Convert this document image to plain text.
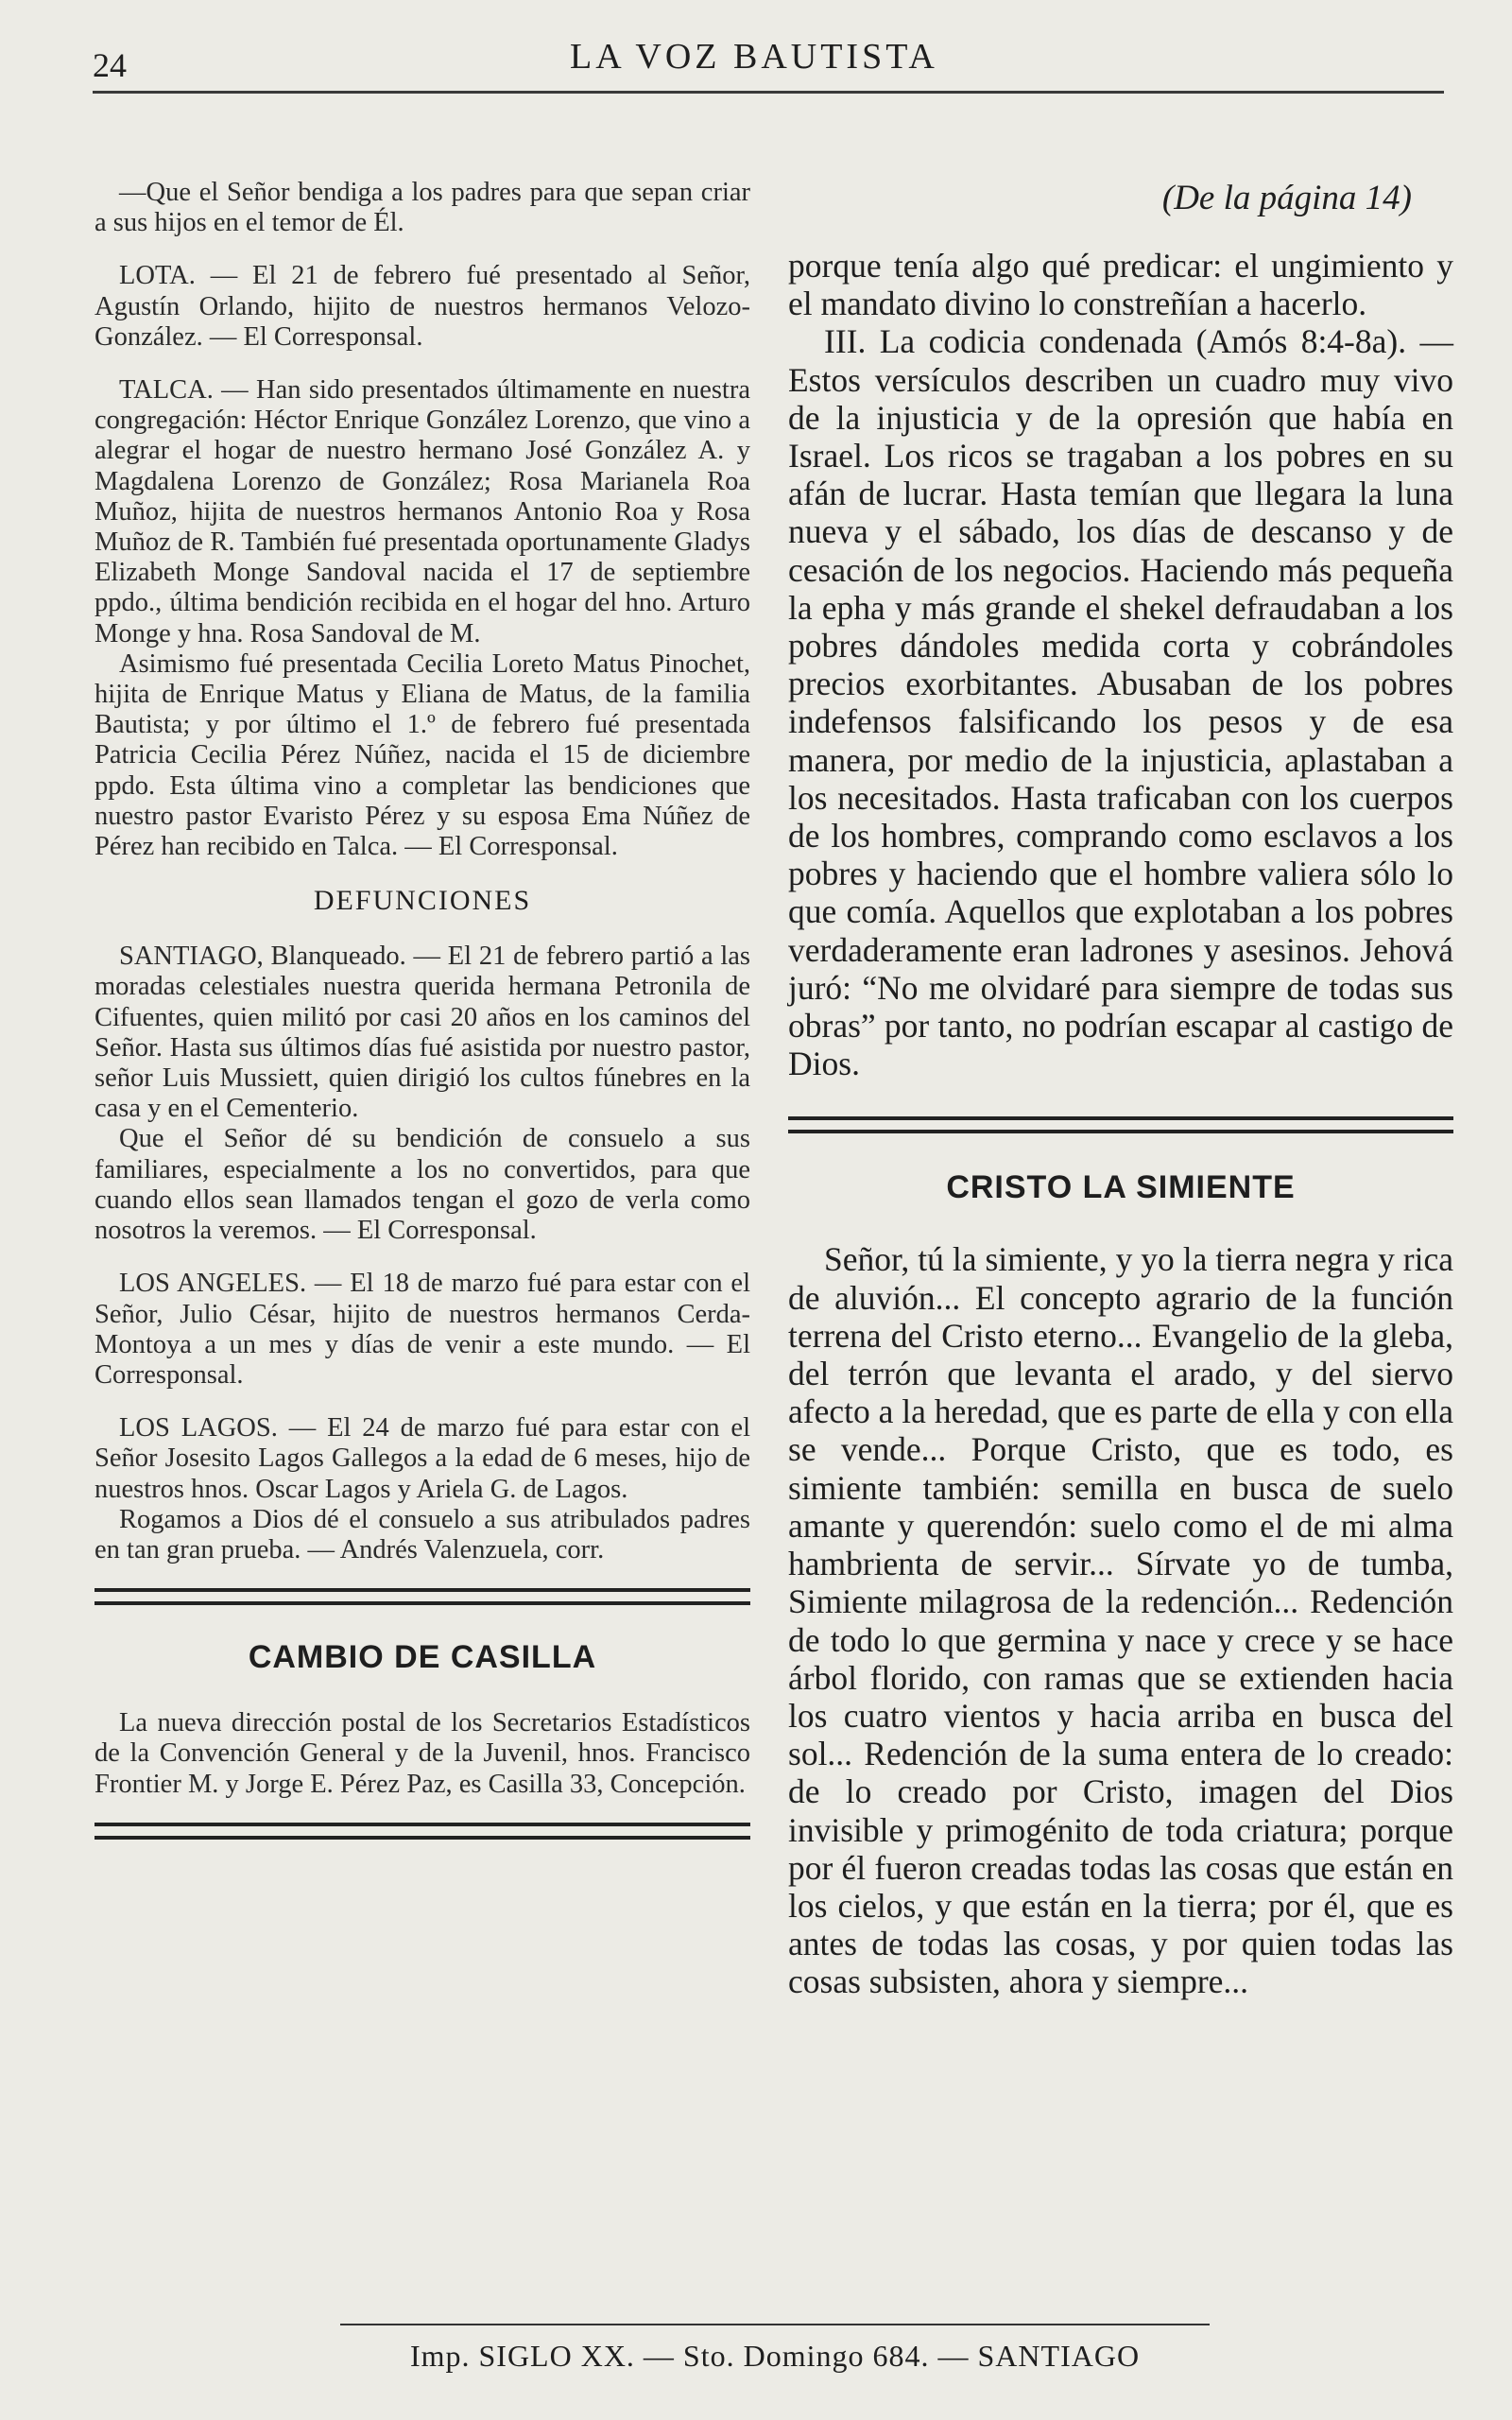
24	LA VOZ BAUTISTA

—Que el Señor bendiga a los padres para que sepan criar a sus hijos en el temor de Él.

LOTA. — El 21 de febrero fué presentado al Señor, Agustín Orlando, hijito de nuestros hermanos Velozo-González. — El Corresponsal.

TALCA. — Han sido presentados últimamente en nuestra congregación: Héctor Enrique González Lorenzo, que vino a alegrar el hogar de nuestro hermano José González A. y Magdalena Lorenzo de González; Rosa Marianela Roa Muñoz, hijita de nuestros hermanos Antonio Roa y Rosa Muñoz de R. También fué presentada oportunamente Gladys Elizabeth Monge Sandoval nacida el 17 de septiembre ppdo., última bendición recibida en el hogar del hno. Arturo Monge y hna. Rosa Sandoval de M.

Asimismo fué presentada Cecilia Loreto Matus Pinochet, hijita de Enrique Matus y Eliana de Matus, de la familia Bautista; y por último el 1.º de febrero fué presentada Patricia Cecilia Pérez Núñez, nacida el 15 de diciembre ppdo. Esta última vino a completar las bendiciones que nuestro pastor Evaristo Pérez y su esposa Ema Núñez de Pérez han recibido en Talca. — El Corresponsal.

DEFUNCIONES

SANTIAGO, Blanqueado. — El 21 de febrero partió a las moradas celestiales nuestra querida hermana Petronila de Cifuentes, quien militó por casi 20 años en los caminos del Señor. Hasta sus últimos días fué asistida por nuestro pastor, señor Luis Mussiett, quien dirigió los cultos fúnebres en la casa y en el Cementerio.

Que el Señor dé su bendición de consuelo a sus familiares, especialmente a los no convertidos, para que cuando ellos sean llamados tengan el gozo de verla como nosotros la veremos. — El Corresponsal.

LOS ANGELES. — El 18 de marzo fué para estar con el Señor, Julio César, hijito de nuestros hermanos Cerda-Montoya a un mes y días de venir a este mundo. — El Corresponsal.

LOS LAGOS. — El 24 de marzo fué para estar con el Señor Josesito Lagos Gallegos a la edad de 6 meses, hijo de nuestros hnos. Oscar Lagos y Ariela G. de Lagos.

Rogamos a Dios dé el consuelo a sus atribulados padres en tan gran prueba. — Andrés Valenzuela, corr.

CAMBIO DE CASILLA

La nueva dirección postal de los Secretarios Estadísticos de la Convención General y de la Juvenil, hnos. Francisco Frontier M. y Jorge E. Pérez Paz, es Casilla 33, Concepción.

(De la página 14)

porque tenía algo qué predicar: el ungimiento y el mandato divino lo constreñían a hacerlo.

III. La codicia condenada (Amós 8:4-8a). — Estos versículos describen un cuadro muy vivo de la injusticia y de la opresión que había en Israel. Los ricos se tragaban a los pobres en su afán de lucrar. Hasta temían que llegara la luna nueva y el sábado, los días de descanso y de cesación de los negocios. Haciendo más pequeña la epha y más grande el shekel defraudaban a los pobres dándoles medida corta y cobrándoles precios exorbitantes. Abusaban de los pobres indefensos falsificando los pesos y de esa manera, por medio de la injusticia, aplastaban a los necesitados. Hasta traficaban con los cuerpos de los hombres, comprando como esclavos a los pobres y haciendo que el hombre valiera sólo lo que comía. Aquellos que explotaban a los pobres verdaderamente eran ladrones y asesinos. Jehová juró: “No me olvidaré para siempre de todas sus obras” por tanto, no podrían escapar al castigo de Dios.

CRISTO LA SIMIENTE

Señor, tú la simiente, y yo la tierra negra y rica de aluvión... El concepto agrario de la función terrena del Cristo eterno... Evangelio de la gleba, del terrón que levanta el arado, y del siervo afecto a la heredad, que es parte de ella y con ella se vende... Porque Cristo, que es todo, es simiente también: semilla en busca de suelo amante y querendón: suelo como el de mi alma hambrienta de servir... Sírvate yo de tumba, Simiente milagrosa de la redención... Redención de todo lo que germina y nace y crece y se hace árbol florido, con ramas que se extienden hacia los cuatro vientos y hacia arriba en busca del sol... Redención de la suma entera de lo creado: de lo creado por Cristo, imagen del Dios invisible y primogénito de toda criatura; porque por él fueron creadas todas las cosas que están en los cielos, y que están en la tierra; por él, que es antes de todas las cosas, y por quien todas las cosas subsisten, ahora y siempre...

Imp. SIGLO XX. — Sto. Domingo 684. — SANTIAGO
